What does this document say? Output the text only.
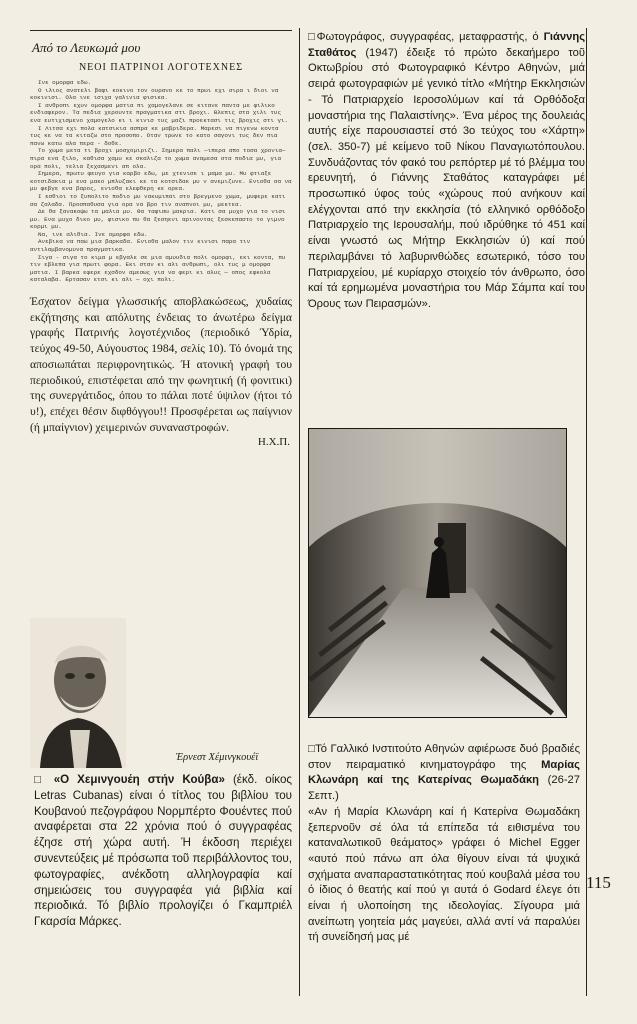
Από το Λευκωμά μου
ΝΕΟΙ ΠΑΤΡΙΝΟΙ ΛΟΓΟΤΕΧΝΕΣ

Ινε ομορφα εδω.

Ο ιλιος ανατελι βαφι κοκινο τον ουρανο κε το πρωι εχι σιρα ι διοι να κοκινισι. Ολα ινε ισιχα γαλινια φισικα.

Ι ανθροπι εχυν ομορφα ματια πι χαμογελανε σε κιτανε παντα με φιλικο ενδιαφερον. Τα πεδια χερουντε πραγματικα στι βροχι. Βλεπις στα χιλι τυς ενα ευτιχισμενο χαμογελο κι ι κινισ τυς μαζι προεκτασι τις βροχις στι γι.

Ι Λιτσα εχι πολα κατσικια ασπρα κε μαβριδερα. Μαρεσι να πιγενω κοντα τυς κε να τα κιταζω στο προσοπο. Οταν τρωνε το κατο σαγονι τυς δεν πια πανω κατω αλα περα - δοθε.

Το χωμα μετα τι βροχι μοσχομιριζι. Σημερα παλι —ιπερα απο τοσα χρονια— πιρα ενα ξιλο, καθισα χαμυ κε σκαλιζα το χωμα αναμεσα στα ποδια μυ, για ορα πολι, τελια ξεχασμενι απ ολα.

Σημερα, πρωτυ φευγο για καρβο εδω, με χτενισε ι μαμα μυ. Μυ φτιαξε κοτσιδακια μ ενα μακο μπλυζακι κε τα κοτσιδακ μυ ν ανεμιζυνε. Ενιοθα σα να μυ φεβγε ενα βαρος, ενιοθα ελεφθερη κε ορεα.

Ι εσθιοι το ξυπολιτο ποδιο μυ νακυμιπαι στο βρεγμενο χωμα, μυφερε κατι σα ζαλαδα. Προσπαθυσα για ορα να βρο τιν αναπνοι μυ, μεκτεα.

Δε θα ξανακοψω τα μαλια μυ. Θα ταφισω μακρια. Κατι σα μυχο για το νισι μυ. Ενα μυχο δικο μυ, φισικο πυ θα ξεσηενι αρινοντας ξεσκεπαστο το γιμνο κορμι μυ.

Να, ινε αλιθια. Ινε ομορφα εδω.

Ανεβικα να παω μια βαρκαδα. Ενιοθα μαλον τιν κινισι παρα τιν αντιλαμβανομυνα πραγματικα.

Σιγα - σιγα το κιμα μ εβγαλε σε μια αμυυδια πολι ομορφι, εκι κοντα, πυ τιν εβλεπα για πρωτι φορα. Εκι σταν κι αλι ανθρωπι, ολι τυς μ ομορφα ματια. Ι βαρκα εφερε εχσδον αμεσως για να φερι κι αλυς — οπος εφκολα καταλαβα. Ερτασαν ετσι κι αλι — οχι πολι.

Έσχατον δείγμα γλωσσικής αποβλακώσεως, χυδαίας εκζήτησης και απόλυτης ένδειας το άνωτέρω δείγμα γραφής Πατρινής λογοτέχνιδος (περιοδικό Ύδρία, τεύχος 49-50, Αύγουστος 1984, σελίς 10). Τό όνομά της αποσιωπάται περιφρονητικώς. Ή ατονική γραφή του περιοδικού, επιστέφεται από την φωνητική (ή φονιτικι) της συνεργάτιδος, όπου το πάλαι ποτέ ύψιλον (ήτοι τό υ!), επέχει θέσιν διφθόγγου!! Προσφέρεται ως παίγνιον (ή μπαίγνιον) χειμερινών συναναστροφών.

Η.Χ.Π.
Έρνεστ Χέμινγκουέϊ

□ «Ο Χεμινγουέη στήν Κούβα» (έκδ. οίκος Letras Cubanas) είναι ό τίτλος του βιβλίου του Κουβανού πεζογράφου Νορμπέρτο Φουέντες πού αναφέρεται στα 22 χρόνια πού ό συγγραφέας έζησε στή χώρα αυτή. Ή έκδοση περιέχει συνεντεύξεις μέ πρόσωπα τοῦ περιβάλλοντος του, φωτογραφίες, ανέκδοτη αλληλογραφία καί σημειώσεις του συγγραφέα γιά βιβλία καί περιοδικά. Τό βιβλίο προλογίζει ό Γκαμπριέλ Γκαρσία Μάρκες.

□Φωτογράφος, συγγραφέας, μεταφραστής, ό Γιάννης Σταθάτος (1947) έδειξε τό πρώτο δεκαήμερο τοῦ Οκτωβρίου στό Φωτογραφικό Κέντρο Αθηνών, μιά σειρά φωτογραφιών μέ γενικό τίτλο «Μήτηρ Εκκλησιών - Τό Πατριαρχείο Ιεροσολύμων καί τά Ορθόδοξα μοναστήρια της Παλαιστίνης». Ένα μέρος της δουλειάς αυτής είχε παρουσιαστεί στό 3ο τεύχος του «Χάρτη» (σελ. 350-7) μέ κείμενο τοῦ Νίκου Παναγιωτόπουλου. Συνδυάζοντας τόν φακό του ρεπόρτερ μέ τό βλέμμα του ερευνητή, ό Γιάννης Σταθάτος καταγράφει μέ προσωπικό ύφος τούς «χώρους πού ανήκουν καί ελέγχονται από την εκκλησία (τό ελληνικό ορθόδοξο Πατριαρχείο της Ιερουσαλήμ, πού ιδρύθηκε τό 451 καί είναι γνωστό ως Μήτηρ Εκκλησιών ύ) καί πού περιλαμβάνει τό λαβυρινθώδες εσωτερικό, τόσο του Πατριαρχείου, μέ κυρίαρχο στοιχείο τόν άνθρωπο, όσο καί τά ερημωμένα μοναστήρια του Μάρ Σάμπα καί του Όρους των Πειρασμών».

□Τό Γαλλικό Ινστιτούτο Αθηνών αφιέρωσε δυό βραδιές στον πειραματικό κινηματογράφο της Μαρίας Κλωνάρη καί της Κατερίνας Θωμαδάκη (26-27 Σεπτ.)

«Αν ή Μαρία Κλωνάρη καί ή Κατερίνα Θωμαδάκη ξεπερνοῦν σέ όλα τά επίπεδα τά ειθισμένα του καταναλωτικοῦ θεάματος» γράφει ό Michel Egger «αυτό πού πάνω απ όλα θίγουν είναι τά ψυχικά σχήματα αναπαραστατικότητας πού κουβαλά μέσα του ό ίδιος ό θεατής καί πού γι αυτά ό Godard έλεγε ότι είναι ή υλοποίηση της ιδεολογίας. Σίγουρα μιά ανείπωτη γοητεία μάς μαγεύει, αλλά αντί νά παραλύει τή συνείδησή μας μέ

115
